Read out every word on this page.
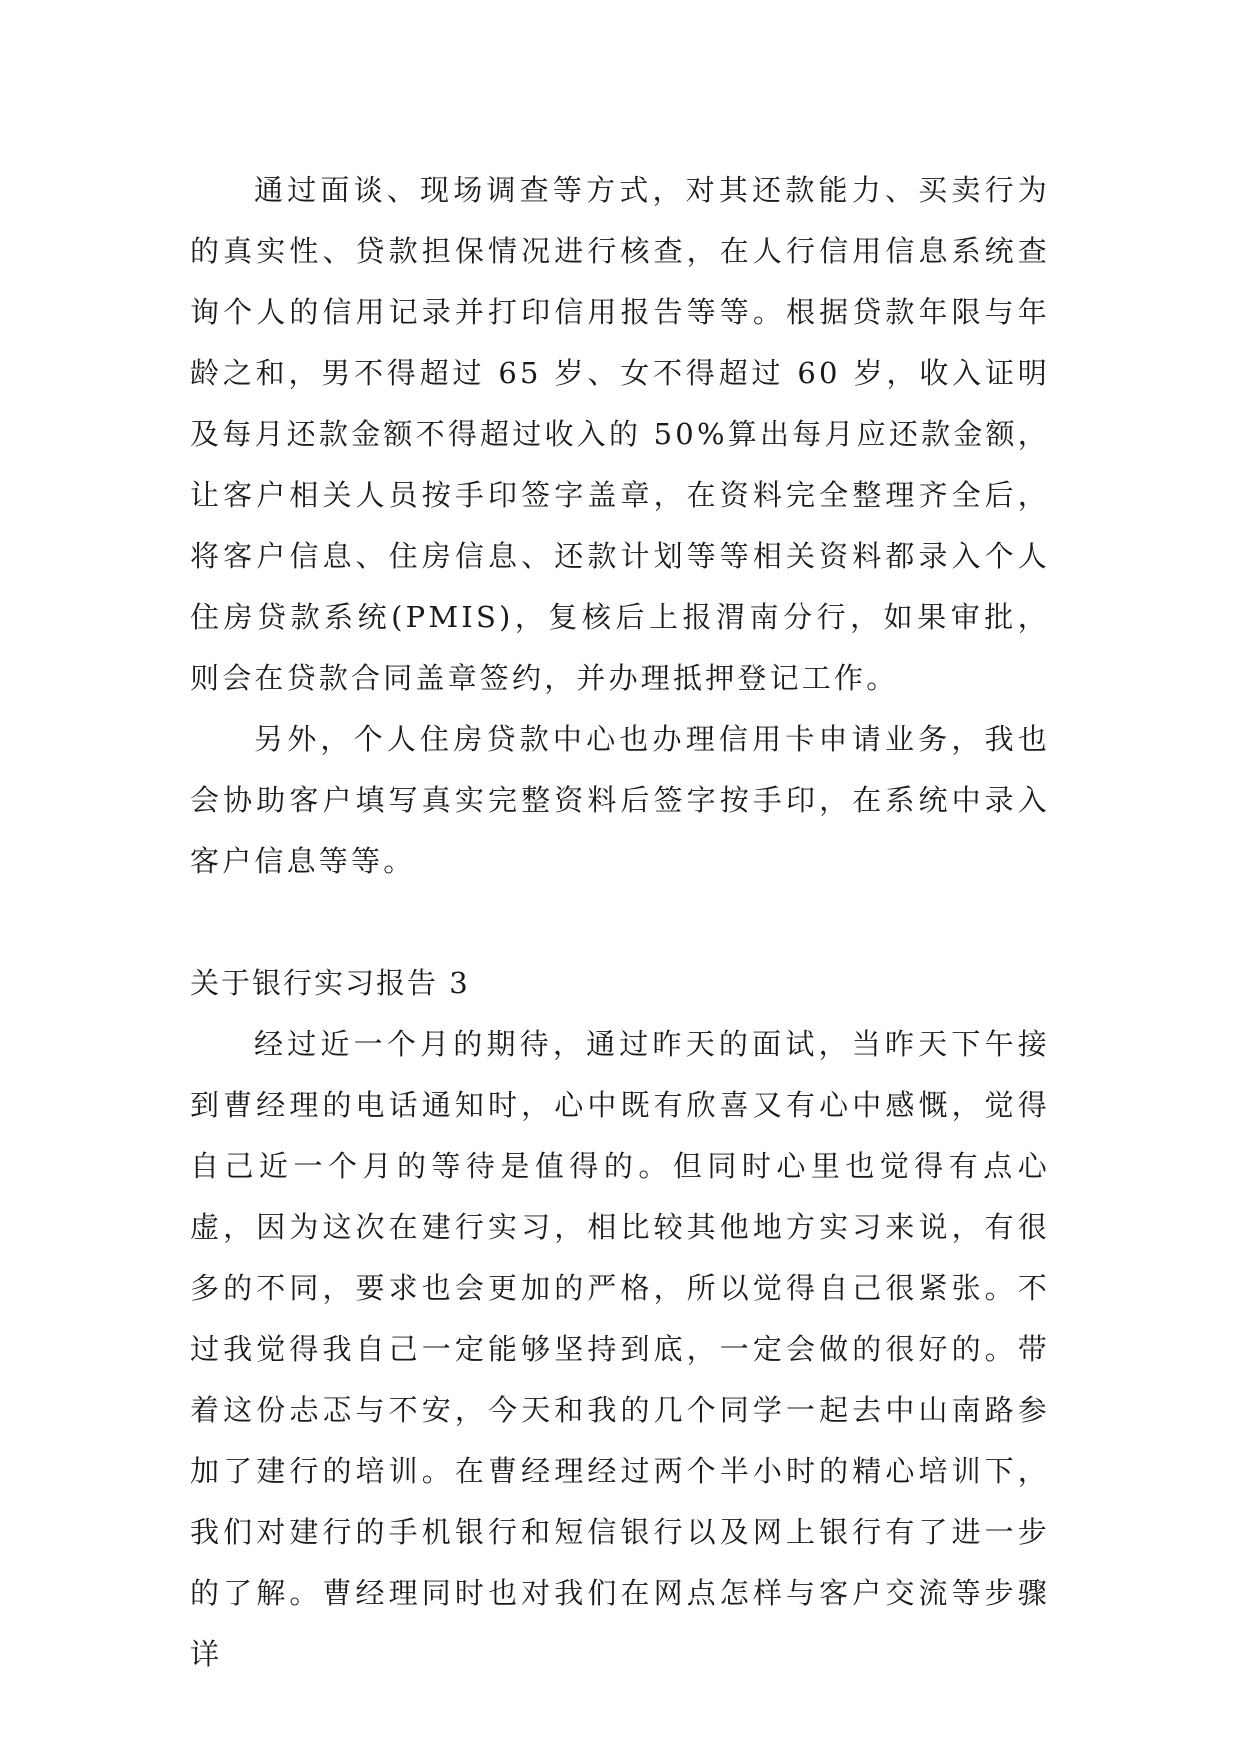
通过面谈、现场调查等方式，对其还款能力、买卖行为的真实性、贷款担保情况进行核查，在人行信用信息系统查询个人的信用记录并打印信用报告等等。根据贷款年限与年龄之和，男不得超过 65 岁、女不得超过 60 岁，收入证明及每月还款金额不得超过收入的 50%算出每月应还款金额，让客户相关人员按手印签字盖章，在资料完全整理齐全后，将客户信息、住房信息、还款计划等等相关资料都录入个人住房贷款系统(PMIS)，复核后上报渭南分行，如果审批，则会在贷款合同盖章签约，并办理抵押登记工作。

另外，个人住房贷款中心也办理信用卡申请业务，我也会协助客户填写真实完整资料后签字按手印，在系统中录入客户信息等等。

关于银行实习报告 3

经过近一个月的期待，通过昨天的面试，当昨天下午接到曹经理的电话通知时，心中既有欣喜又有心中感慨，觉得自己近一个月的等待是值得的。但同时心里也觉得有点心虚，因为这次在建行实习，相比较其他地方实习来说，有很多的不同，要求也会更加的严格，所以觉得自己很紧张。不过我觉得我自己一定能够坚持到底，一定会做的很好的。带着这份忐忑与不安，今天和我的几个同学一起去中山南路参加了建行的培训。在曹经理经过两个半小时的精心培训下，我们对建行的手机银行和短信银行以及网上银行有了进一步的了解。曹经理同时也对我们在网点怎样与客户交流等步骤详
